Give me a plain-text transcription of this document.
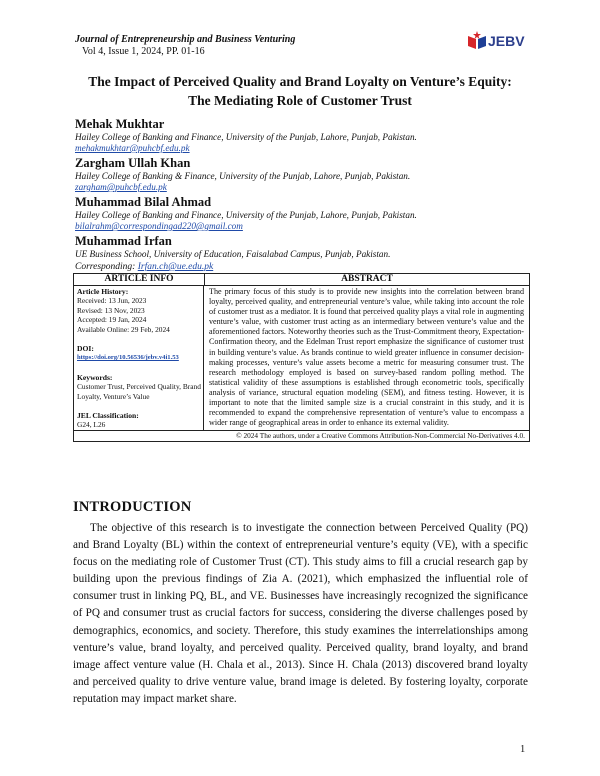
Journal of Entrepreneurship and Business Venturing
Vol 4, Issue 1, 2024, PP. 01-16
JEBV
The Impact of Perceived Quality and Brand Loyalty on Venture’s Equity:
The Mediating Role of Customer Trust
Mehak Mukhtar
Hailey College of Banking and Finance, University of the Punjab, Lahore, Punjab, Pakistan.
mehakmukhtar@puhcbf.edu.pk
Zargham Ullah Khan
Hailey College of Banking & Finance, University of the Punjab, Lahore, Punjab, Pakistan.
zargham@puhcbf.edu.pk
Muhammad Bilal Ahmad
Hailey College of Banking and Finance, University of the Punjab, Lahore, Punjab, Pakistan.
bilalrahm@correspondingad220@gmail.com
Muhammad Irfan
UE Business School, University of Education, Faisalabad Campus, Punjab, Pakistan.
Corresponding: Irfan.ch@ue.edu.pk
ARTICLE INFO	ABSTRACT
Article History:
Received: 13 Jun, 2023
Revised: 13 Nov, 2023
Accepted: 19 Jan, 2024
Available Online: 29 Feb, 2024
DOI:
https://doi.org/10.56536/jebv.v4i1.53
Keywords:
Customer Trust, Perceived Quality, Brand Loyalty, Venture’s Value
JEL Classification:
G24, L26
The primary focus of this study is to provide new insights into the correlation between brand loyalty, perceived quality, and entrepreneurial venture’s value, while taking into account the role of customer trust as a mediator. It is found that perceived quality plays a vital role in augmenting venture’s value, with customer trust acting as an intermediary between venture’s value and the aforementioned factors. Noteworthy theories such as the Trust-Commitment theory, Expectation-Confirmation theory, and the Edelman Trust report emphasize the significance of customer trust in building venture’s value. As brands continue to wield greater influence in consumer decision-making processes, venture’s value assets become a metric for measuring consumer trust. The research methodology employed is based on survey-based random polling method. The statistical validity of these assumptions is established through econometric tools, specifically analysis of variance, structural equation modeling (SEM), and fitness testing. However, it is important to note that the limited sample size is a crucial constraint in this study, and it is recommended to expand the comprehensive representation of venture’s value to encompass a wider range of geographical areas in order to enhance its external validity.
© 2024 The authors, under a Creative Commons Attribution-Non-Commercial No-Derivatives 4.0.
INTRODUCTION
The objective of this research is to investigate the connection between Perceived Quality (PQ) and Brand Loyalty (BL) within the context of entrepreneurial venture’s equity (VE), with a specific focus on the mediating role of Customer Trust (CT). This study aims to fill a crucial research gap by building upon the previous findings of Zia A. (2021), which emphasized the influential role of consumer trust in linking PQ, BL, and VE. Businesses have increasingly recognized the significance of PQ and consumer trust as crucial factors for success, considering the diverse challenges posed by demographics, economics, and society. Therefore, this study examines the interrelationships among venture’s value, brand loyalty, and perceived quality. Perceived quality, brand loyalty, and brand image affect venture value (H. Chala et al., 2013). Since H. Chala (2013) discovered brand loyalty and perceived quality to drive venture value, brand image is deleted. By fostering loyalty, corporate reputation may impact market share.
1
